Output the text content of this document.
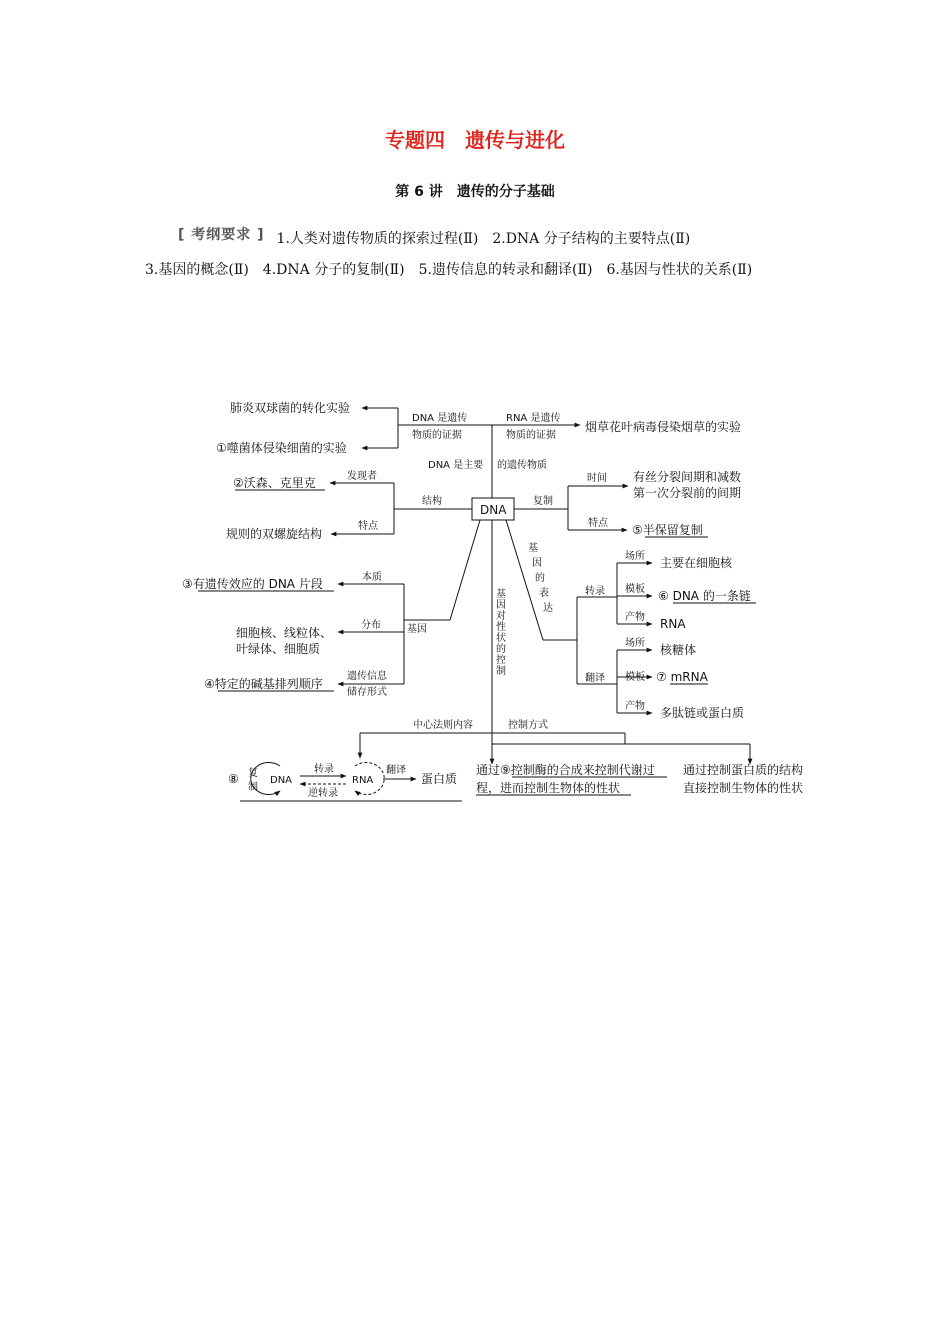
专题四　遗传与进化
第 6 讲　遗传的分子基础
[ 考纲要求 ] 1.人类对遗传物质的探索过程(Ⅱ)　 2.DNA 分子结构的主要特点(Ⅱ)
3.基因的概念(Ⅱ)　 4.DNA 分子的复制(Ⅱ)　 5.遗传信息的转录和翻译(Ⅱ)　 6.基因与性状的关系(Ⅱ)
肺炎双球菌的转化实验
①噬菌体侵染细菌的实验
DNA 是遗传
物质的证据
RNA 是遗传
物质的证据
烟草花叶病毒侵染烟草的实验
DNA 是主要 的遗传物质
发现者
②沃森、克里克
结构
特点
规则的双螺旋结构
DNA
复制
时间 有丝分裂间期和减数
第一次分裂前的间期
特点 ⑤半保留复制
本质
③有遗传效应的 DNA 片段
分布	基因
细胞核、线粒体、
叶绿体、细胞质
遗传信息
储存形式
④特定的碱基排列顺序
基
因
的
表
达
基
因
对
性
状
的
控
制
转录
场所 主要在细胞核
模板 ⑥ DNA 的一条链
产物 RNA
翻译
场所 核糖体
模板 ⑦ mRNA
产物 多肽链或蛋白质
中心法则内容	控制方式
⑧ 复
制
DNA
转录
逆转录
RNA
翻译
蛋白质
通过⑨控制酶的合成来控制代谢过
程，进而控制生物体的性状
通过控制蛋白质的结构
直接控制生物体的性状
